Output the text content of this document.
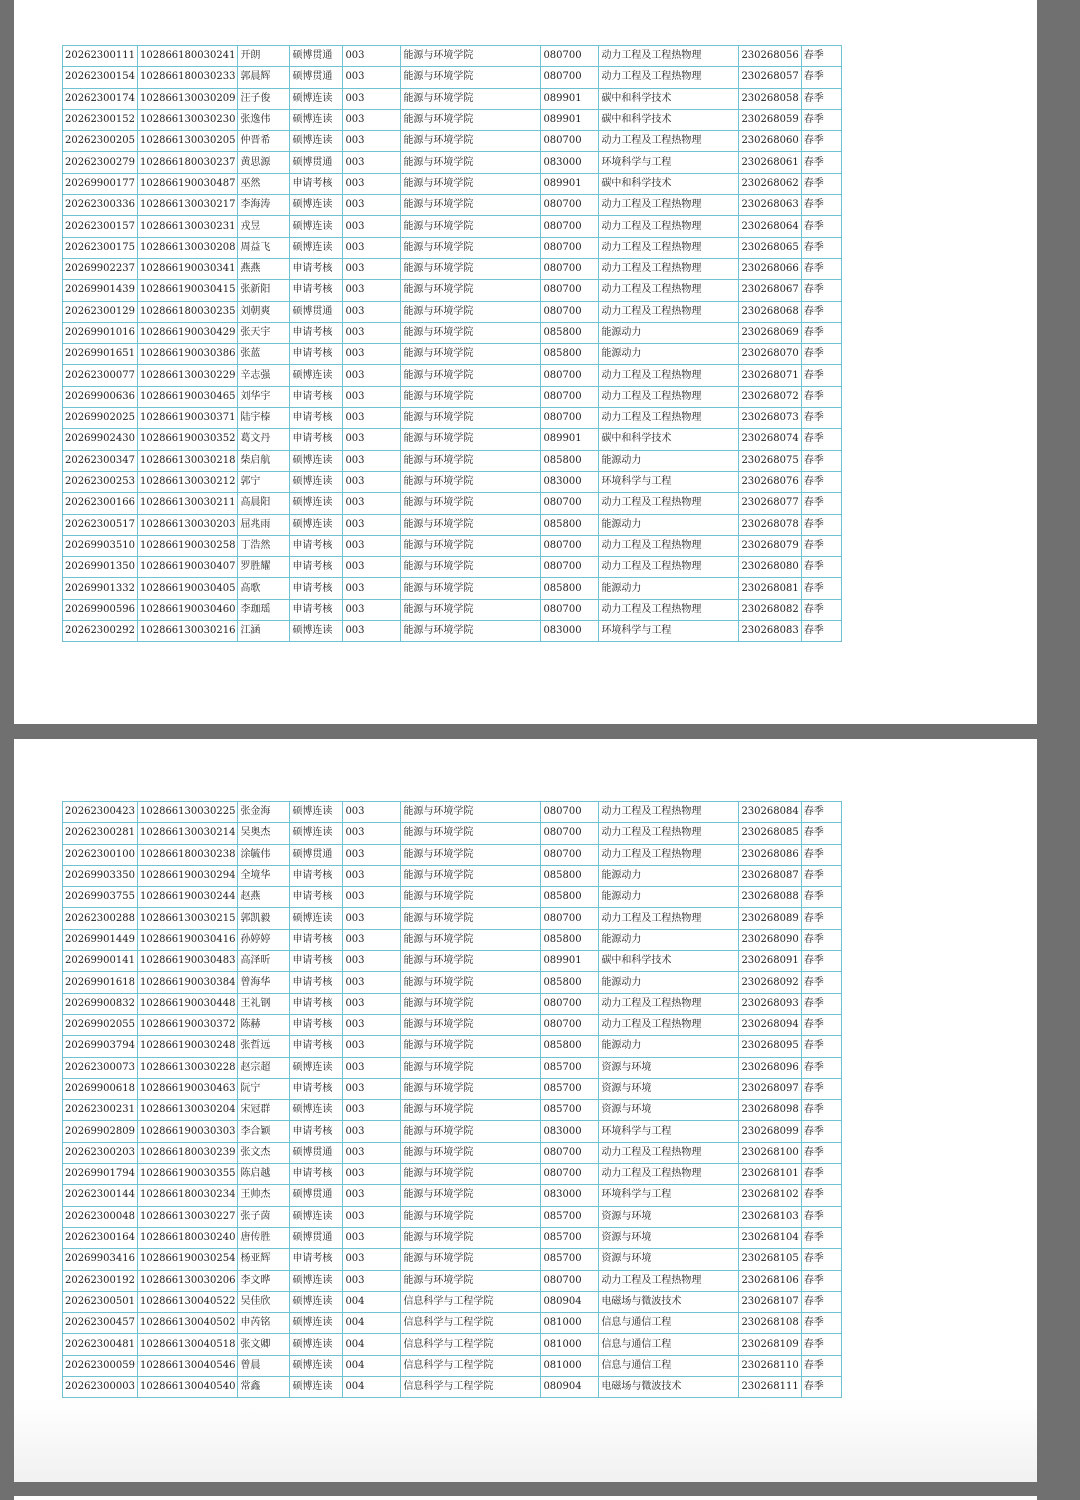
20262300111	102866180030241	开朗	硕博贯通	003	能源与环境学院	080700	动力工程及工程热物理	230268056	春季
20262300154	102866180030233	郭晨辉	硕博贯通	003	能源与环境学院	080700	动力工程及工程热物理	230268057	春季
20262300174	102866130030209	汪子俊	硕博连读	003	能源与环境学院	089901	碳中和科学技术	230268058	春季
20262300152	102866130030230	张逸伟	硕博连读	003	能源与环境学院	089901	碳中和科学技术	230268059	春季
20262300205	102866130030205	仲晋希	硕博连读	003	能源与环境学院	080700	动力工程及工程热物理	230268060	春季
20262300279	102866180030237	黄思源	硕博贯通	003	能源与环境学院	083000	环境科学与工程	230268061	春季
20269900177	102866190030487	巫然	申请考核	003	能源与环境学院	089901	碳中和科学技术	230268062	春季
20262300336	102866130030217	李海涛	硕博连读	003	能源与环境学院	080700	动力工程及工程热物理	230268063	春季
20262300157	102866130030231	戎昱	硕博连读	003	能源与环境学院	080700	动力工程及工程热物理	230268064	春季
20262300175	102866130030208	周益飞	硕博连读	003	能源与环境学院	080700	动力工程及工程热物理	230268065	春季
20269902237	102866190030341	燕燕	申请考核	003	能源与环境学院	080700	动力工程及工程热物理	230268066	春季
20269901439	102866190030415	张新阳	申请考核	003	能源与环境学院	080700	动力工程及工程热物理	230268067	春季
20262300129	102866180030235	刘朝爽	硕博贯通	003	能源与环境学院	080700	动力工程及工程热物理	230268068	春季
20269901016	102866190030429	张天宇	申请考核	003	能源与环境学院	085800	能源动力	230268069	春季
20269901651	102866190030386	张蓝	申请考核	003	能源与环境学院	085800	能源动力	230268070	春季
20262300077	102866130030229	辛志强	硕博连读	003	能源与环境学院	080700	动力工程及工程热物理	230268071	春季
20269900636	102866190030465	刘华宇	申请考核	003	能源与环境学院	080700	动力工程及工程热物理	230268072	春季
20269902025	102866190030371	陆宇榛	申请考核	003	能源与环境学院	080700	动力工程及工程热物理	230268073	春季
20269902430	102866190030352	葛文丹	申请考核	003	能源与环境学院	089901	碳中和科学技术	230268074	春季
20262300347	102866130030218	柴启航	硕博连读	003	能源与环境学院	085800	能源动力	230268075	春季
20262300253	102866130030212	郭宁	硕博连读	003	能源与环境学院	083000	环境科学与工程	230268076	春季
20262300166	102866130030211	高晨阳	硕博连读	003	能源与环境学院	080700	动力工程及工程热物理	230268077	春季
20262300517	102866130030203	屈兆雨	硕博连读	003	能源与环境学院	085800	能源动力	230268078	春季
20269903510	102866190030258	丁浩然	申请考核	003	能源与环境学院	080700	动力工程及工程热物理	230268079	春季
20269901350	102866190030407	罗胜耀	申请考核	003	能源与环境学院	080700	动力工程及工程热物理	230268080	春季
20269901332	102866190030405	高歌	申请考核	003	能源与环境学院	085800	能源动力	230268081	春季
20269900596	102866190030460	李珈瑶	申请考核	003	能源与环境学院	080700	动力工程及工程热物理	230268082	春季
20262300292	102866130030216	江涵	硕博连读	003	能源与环境学院	083000	环境科学与工程	230268083	春季
20262300423	102866130030225	张金海	硕博连读	003	能源与环境学院	080700	动力工程及工程热物理	230268084	春季
20262300281	102866130030214	吴奥杰	硕博连读	003	能源与环境学院	080700	动力工程及工程热物理	230268085	春季
20262300100	102866180030238	涂毓伟	硕博贯通	003	能源与环境学院	080700	动力工程及工程热物理	230268086	春季
20269903350	102866190030294	全境华	申请考核	003	能源与环境学院	085800	能源动力	230268087	春季
20269903755	102866190030244	赵燕	申请考核	003	能源与环境学院	085800	能源动力	230268088	春季
20262300288	102866130030215	郭凯毅	硕博连读	003	能源与环境学院	080700	动力工程及工程热物理	230268089	春季
20269901449	102866190030416	孙婷婷	申请考核	003	能源与环境学院	085800	能源动力	230268090	春季
20269900141	102866190030483	高泽昕	申请考核	003	能源与环境学院	089901	碳中和科学技术	230268091	春季
20269901618	102866190030384	曾海华	申请考核	003	能源与环境学院	085800	能源动力	230268092	春季
20269900832	102866190030448	王礼钢	申请考核	003	能源与环境学院	080700	动力工程及工程热物理	230268093	春季
20269902055	102866190030372	陈赫	申请考核	003	能源与环境学院	080700	动力工程及工程热物理	230268094	春季
20269903794	102866190030248	张哲远	申请考核	003	能源与环境学院	085800	能源动力	230268095	春季
20262300073	102866130030228	赵宗超	硕博连读	003	能源与环境学院	085700	资源与环境	230268096	春季
20269900618	102866190030463	阮宁	申请考核	003	能源与环境学院	085700	资源与环境	230268097	春季
20262300231	102866130030204	宋冠群	硕博连读	003	能源与环境学院	085700	资源与环境	230268098	春季
20269902809	102866190030303	李合颖	申请考核	003	能源与环境学院	083000	环境科学与工程	230268099	春季
20262300203	102866180030239	张文杰	硕博贯通	003	能源与环境学院	080700	动力工程及工程热物理	230268100	春季
20269901794	102866190030355	陈启越	申请考核	003	能源与环境学院	080700	动力工程及工程热物理	230268101	春季
20262300144	102866180030234	王帅杰	硕博贯通	003	能源与环境学院	083000	环境科学与工程	230268102	春季
20262300048	102866130030227	张子茵	硕博连读	003	能源与环境学院	085700	资源与环境	230268103	春季
20262300164	102866180030240	唐传胜	硕博贯通	003	能源与环境学院	085700	资源与环境	230268104	春季
20269903416	102866190030254	杨亚辉	申请考核	003	能源与环境学院	085700	资源与环境	230268105	春季
20262300192	102866130030206	李文晔	硕博连读	003	能源与环境学院	080700	动力工程及工程热物理	230268106	春季
20262300501	102866130040522	吴佳欣	硕博连读	004	信息科学与工程学院	080904	电磁场与微波技术	230268107	春季
20262300457	102866130040502	申芮铭	硕博连读	004	信息科学与工程学院	081000	信息与通信工程	230268108	春季
20262300481	102866130040518	张文卿	硕博连读	004	信息科学与工程学院	081000	信息与通信工程	230268109	春季
20262300059	102866130040546	曾晨	硕博连读	004	信息科学与工程学院	081000	信息与通信工程	230268110	春季
20262300003	102866130040540	常鑫	硕博连读	004	信息科学与工程学院	080904	电磁场与微波技术	230268111	春季
